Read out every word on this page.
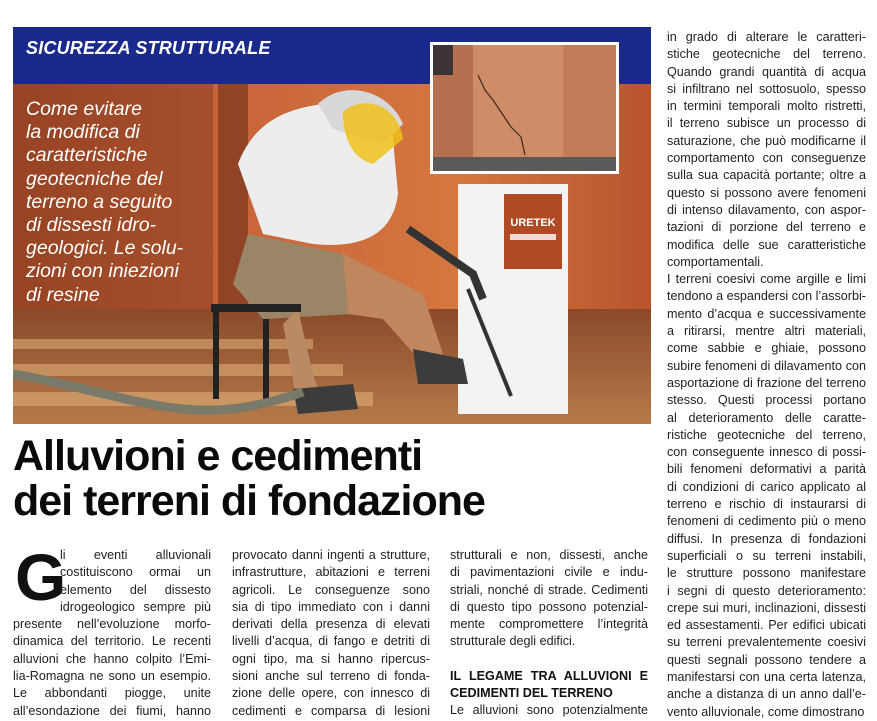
SICUREZZA STRUTTURALE
URETEK

Come evitare
la modifica di
caratteristiche
geotecniche del
terreno a seguito
di dissesti idro-
geologici. Le solu-
zioni con iniezioni
di resine

Alluvioni e cedimenti
dei terreni di fondazione
G
li eventi alluvionali
costituiscono ormai un
elemento del dissesto
idrogeologico sempre più
presente nell’evoluzione morfo-
dinamica del territorio. Le recenti
alluvioni che hanno colpito l’Emi-
lia-Romagna ne sono un esempio.
Le abbondanti piogge, unite
all’esondazione dei fiumi, hanno
provocato danni ingenti a strutture,
infrastrutture, abitazioni e terreni
agricoli. Le conseguenze sono
sia di tipo immediato con i danni
derivati della presenza di elevati
livelli d’acqua, di fango e detriti di
ogni tipo, ma si hanno ripercus-
sioni anche sul terreno di fonda-
zione delle opere, con innesco di
cedimenti e comparsa di lesioni
strutturali e non, dissesti, anche
di pavimentazioni civile e indu-
striali, nonché di strade. Cedimenti
di questo tipo possono potenzial-
mente compromettere l’integrità
strutturale degli edifici.
IL LEGAME TRA ALLUVIONI E
CEDIMENTI DEL TERRENO
Le alluvioni sono potenzialmente
in grado di alterare le caratteri-
stiche geotecniche del terreno.
Quando grandi quantità di acqua
si infiltrano nel sottosuolo, spesso
in termini temporali molto ristretti,
il terreno subisce un processo di
saturazione, che può modificarne il
comportamento con conseguenze
sulla sua capacità portante; oltre a
questo si possono avere fenomeni
di intenso dilavamento, con aspor-
tazioni di porzione del terreno e
modifica delle sue caratteristiche
comportamentali.
I terreni coesivi come argille e limi
tendono a espandersi con l’assorbi-
mento d’acqua e successivamente
a ritirarsi, mentre altri materiali,
come sabbie e ghiaie, possono
subire fenomeni di dilavamento con
asportazione di frazione del terreno
stesso. Questi processi portano
al deterioramento delle caratte-
ristiche geotecniche del terreno,
con conseguente innesco di possi-
bili fenomeni deformativi a parità
di condizioni di carico applicato al
terreno e rischio di instaurarsi di
fenomeni di cedimento più o meno
diffusi. In presenza di fondazioni
superficiali o su terreni instabili,
le strutture possono manifestare
i segni di questo deterioramento:
crepe sui muri, inclinazioni, dissesti
ed assestamenti. Per edifici ubicati
su terreni prevalentemente coesivi
questi segnali possono tendere a
manifestarsi con una certa latenza,
anche a distanza di un anno dall’e-
vento alluvionale, come dimostrano
